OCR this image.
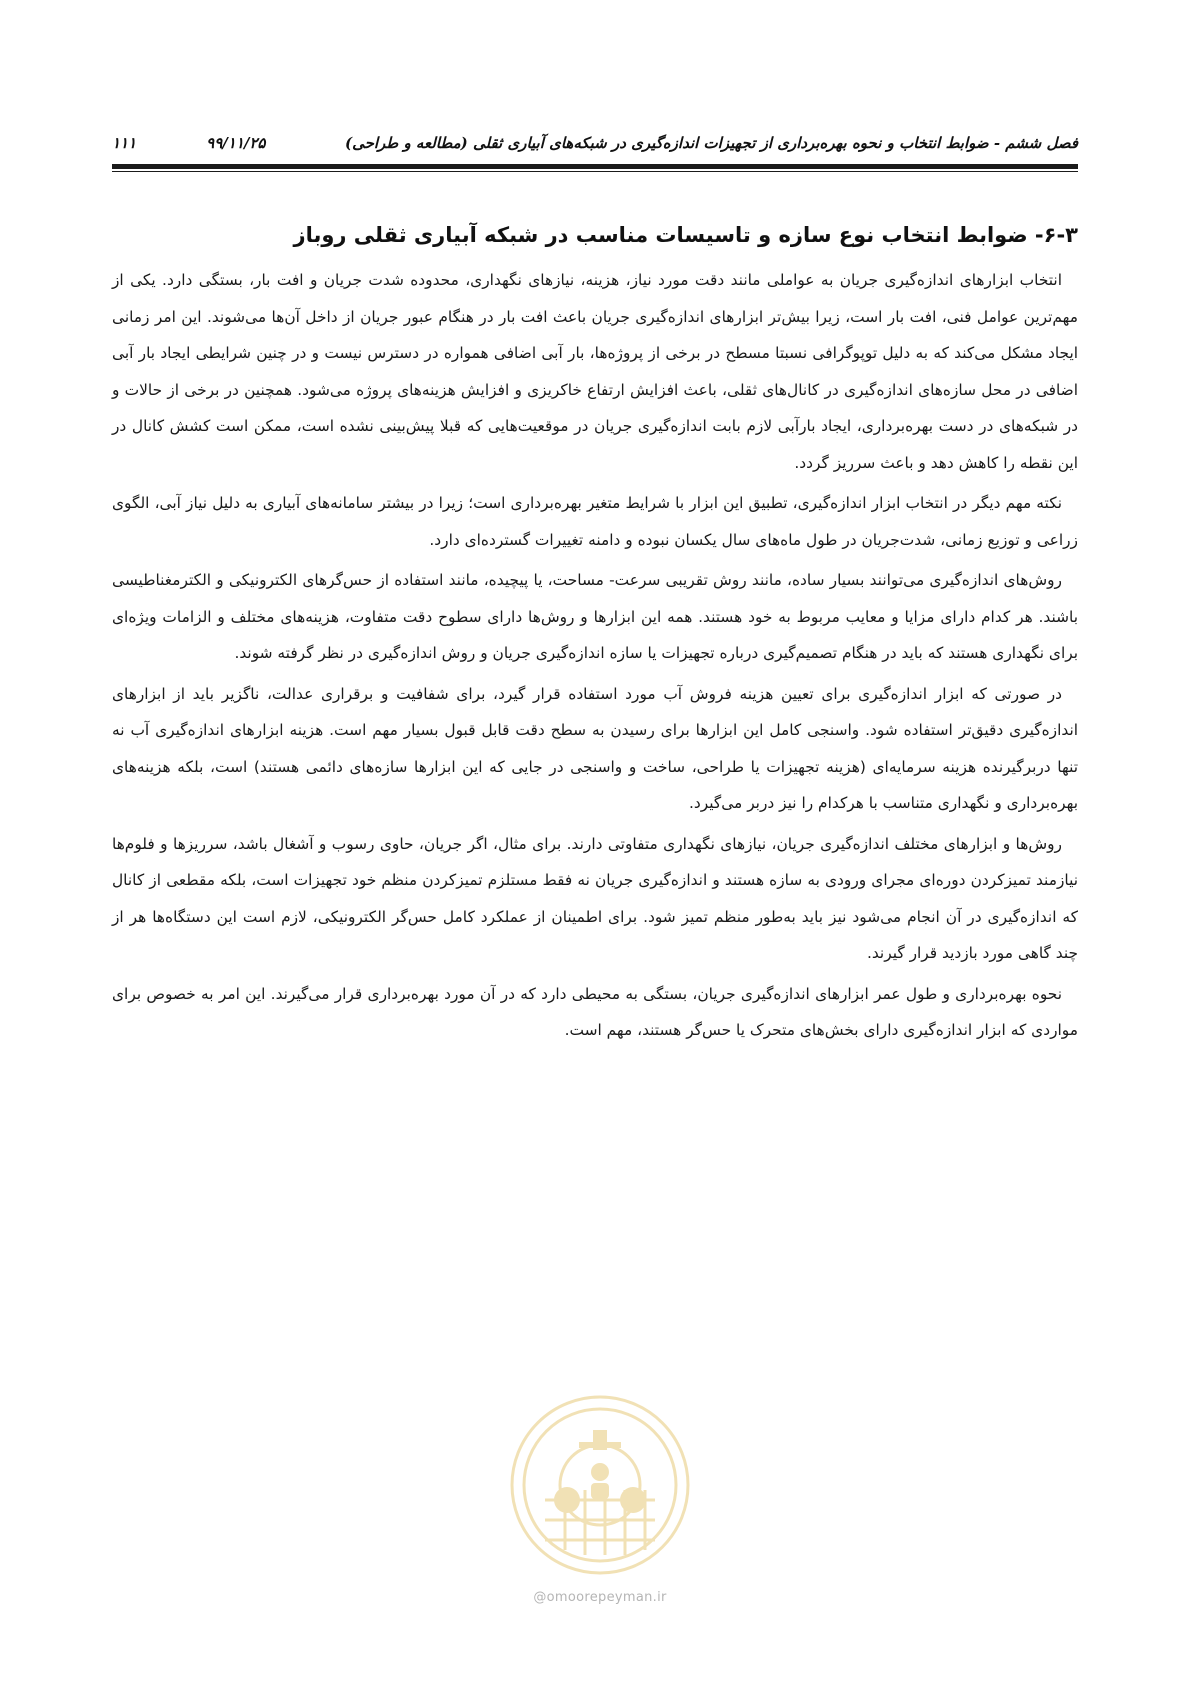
فصل ششم - ضوابط انتخاب و نحوه بهره‌برداری از تجهیزات اندازه‌گیری در شبکه‌های آبیاری ثقلی (مطالعه و طراحی)
۹۹/۱۱/۲۵
۱۱۱
۶-۳- ضوابط انتخاب نوع سازه و تاسیسات مناسب در شبکه آبیاری ثقلی روباز

انتخاب ابزارهای اندازه‌گیری جریان به عواملی مانند دقت مورد نیاز، هزینه، نیازهای نگهداری، محدوده شدت جریان و افت بار، بستگی دارد. یکی از مهم‌ترین عوامل فنی، افت بار است، زیرا بیش‌تر ابزارهای اندازه‌گیری جریان باعث افت بار در هنگام عبور جریان از داخل آن‌ها می‌شوند. این امر زمانی ایجاد مشکل می‌کند که به دلیل توپوگرافی نسبتا مسطح در برخی از پروژه‌ها، بار آبی اضافی همواره در دسترس نیست و در چنین شرایطی ایجاد بار آبی اضافی در محل سازه‌های اندازه‌گیری در کانال‌های ثقلی، باعث افزایش ارتفاع خاکریزی و افزایش هزینه‌های پروژه می‌شود. همچنین در برخی از حالات و در شبکه‌های در دست بهره‌برداری، ایجاد بارآبی لازم بابت اندازه‌گیری جریان در موقعیت‌هایی که قبلا پیش‌بینی نشده است، ممکن است کشش کانال در این نقطه را کاهش دهد و باعث سرریز گردد.

نکته مهم دیگر در انتخاب ابزار اندازه‌گیری، تطبیق این ابزار با شرایط متغیر بهره‌برداری است؛ زیرا در بیشتر سامانه‌های آبیاری به دلیل نیاز آبی، الگوی زراعی و توزیع زمانی، شدت‌جریان در طول ماه‌های سال یکسان نبوده و دامنه تغییرات گسترده‌ای دارد.

روش‌های اندازه‌گیری می‌توانند بسیار ساده، مانند روش تقریبی سرعت- مساحت، یا پیچیده، مانند استفاده از حس‌گرهای الکترونیکی و الکترمغناطیسی باشند. هر کدام دارای مزایا و معایب مربوط به خود هستند. همه این ابزارها و روش‌ها دارای سطوح دقت متفاوت، هزینه‌های مختلف و الزامات ویژه‌ای برای نگهداری هستند که باید در هنگام تصمیم‌گیری درباره تجهیزات یا سازه اندازه‌گیری جریان و روش اندازه‌گیری در نظر گرفته شوند.

در صورتی که ابزار اندازه‌گیری برای تعیین هزینه فروش آب مورد استفاده قرار گیرد، برای شفافیت و برقراری عدالت، ناگزیر باید از ابزارهای اندازه‌گیری دقیق‌تر استفاده شود. واسنجی کامل این ابزارها برای رسیدن به سطح دقت قابل قبول بسیار مهم است. هزینه ابزارهای اندازه‌گیری آب نه تنها دربرگیرنده هزینه سرمایه‌ای (هزینه تجهیزات یا طراحی، ساخت و واسنجی در جایی که این ابزارها سازه‌های دائمی هستند) است، بلکه هزینه‌های بهره‌برداری و نگهداری متناسب با هرکدام را نیز دربر می‌گیرد.

روش‌ها و ابزارهای مختلف اندازه‌گیری جریان، نیازهای نگهداری متفاوتی دارند. برای مثال، اگر جریان، حاوی رسوب و آشغال باشد، سرریزها و فلوم‌ها نیازمند تمیزکردن دوره‌ای مجرای ورودی به سازه هستند و اندازه‌گیری جریان نه فقط مستلزم تمیزکردن منظم خود تجهیزات است، بلکه مقطعی از کانال که اندازه‌گیری در آن انجام می‌شود نیز باید به‌طور منظم تمیز شود. برای اطمینان از عملکرد کامل حس‌گر الکترونیکی، لازم است این دستگاه‌ها هر از چند گاهی مورد بازدید قرار گیرند.

نحوه بهره‌برداری و طول عمر ابزارهای اندازه‌گیری جریان، بستگی به محیطی دارد که در آن مورد بهره‌برداری قرار می‌گیرند. این امر به خصوص برای مواردی که ابزار اندازه‌گیری دارای بخش‌های متحرک یا حس‌گر هستند، مهم است.

@omoorepeyman.ir
